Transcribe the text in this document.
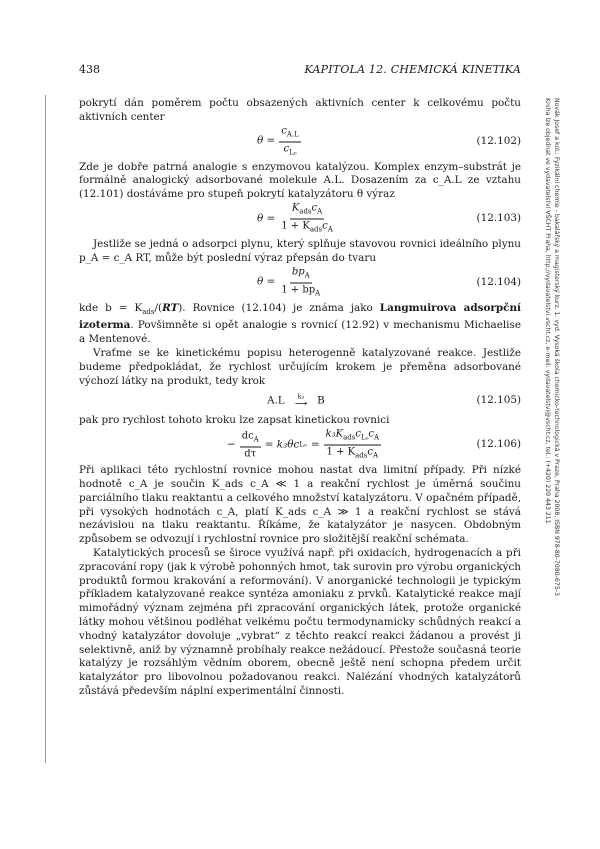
438	KAPITOLA 12. CHEMICKÁ KINETIKA
Novák Josef a kol.: Fyzikální chemie - bakalářský a magisterský kurz. 1. vyd. Vysoká škola chemicko-technologická v Praze, Praha 2008, ISBN 978-80-7080-675-3
Kniha lze objednat ve vydavatelství VŠCHT Praha, http://vydavatelstvi.vscht.cz, e-mail: vydavatelstvi@vscht.cz, tel.: (+420) 220 443 211

pokrytí dán poměrem počtu obsazených aktivních center k celkovému počtu aktivních center

$\theta = \frac{c_{A.L}}{c_{L_0}}$	(12.102)

Zde je dobře patrná analogie s enzymovou katalýzou. Komplex enzym–substrát je formálně analogický adsorbované molekule A.L. Dosazením za c_A.L ze vztahu (12.101) dostáváme pro stupeň pokrytí katalyzátoru θ výraz

$\theta = \frac{K_{ads}c_A}{1 + K_{ads}c_A}$	(12.103)

Jestliže se jedná o adsorpci plynu, který splňuje stavovou rovnici ideálního plynu p_A = c_A RT, může být poslední výraz přepsán do tvaru

$\theta = \frac{bp_A}{1 + bp_A}$	(12.104)

kde $b = K_{ads}/(RT)$. Rovnice (12.104) je známa jako Langmuirova adsorpční izoterma. Povšimněte si opět analogie s rovnicí (12.92) v mechanismu Michaelise a Mentenové.

Vraťme se ke kinetickému popisu heterogenně katalyzované reakce. Jestliže budeme předpokládat, že rychlost určujícím krokem je přeměna adsorbované výchozí látky na produkt, tedy krok

A.L k₃
→ B	(12.105)

pak pro rychlost tohoto kroku lze zapsat kinetickou rovnici

− $\frac{dc_A}{d\tau} = k_3\theta c$ $L_0 = \frac{k_3K_{ads}c_{L_0}c_A}{1 + K_{ads}c_A}$	(12.106)

Při aplikaci této rychlostní rovnice mohou nastat dva limitní případy. Při nízké hodnotě c_A je součin K_ads c_A ≪ 1 a reakční rychlost je úměrná součinu parciálního tlaku reaktantu a celkového množství katalyzátoru. V opačném případě, při vysokých hodnotách c_A, platí K_ads c_A ≫ 1 a reakční rychlost se stává nezávislou na tlaku reaktantu. Říkáme, že katalyzátor je nasycen. Obdobným způsobem se odvozují i rychlostní rovnice pro složitější reakční schémata.

Katalytických procesů se široce využívá např. při oxidacích, hydrogenacích a při zpracování ropy (jak k výrobě pohonných hmot, tak surovin pro výrobu organických produktů formou krakování a reformování). V anorganické technologii je typickým příkladem katalyzované reakce syntéza amoniaku z prvků. Katalytické reakce mají mimořádný význam zejména při zpracování organických látek, protože organické látky mohou většinou podléhat velkému počtu termodynamicky schůdných reakcí a vhodný katalyzátor dovoluje „vybrat“ z těchto reakcí reakci žádanou a provést ji selektivně, aniž by významně probíhaly reakce nežádoucí. Přestože současná teorie katalýzy je rozsáhlým vědním oborem, obecně ještě není schopna předem určit katalyzátor pro libovolnou požadovanou reakci. Nalézání vhodných katalyzátorů zůstává především náplní experimentální činnosti.
